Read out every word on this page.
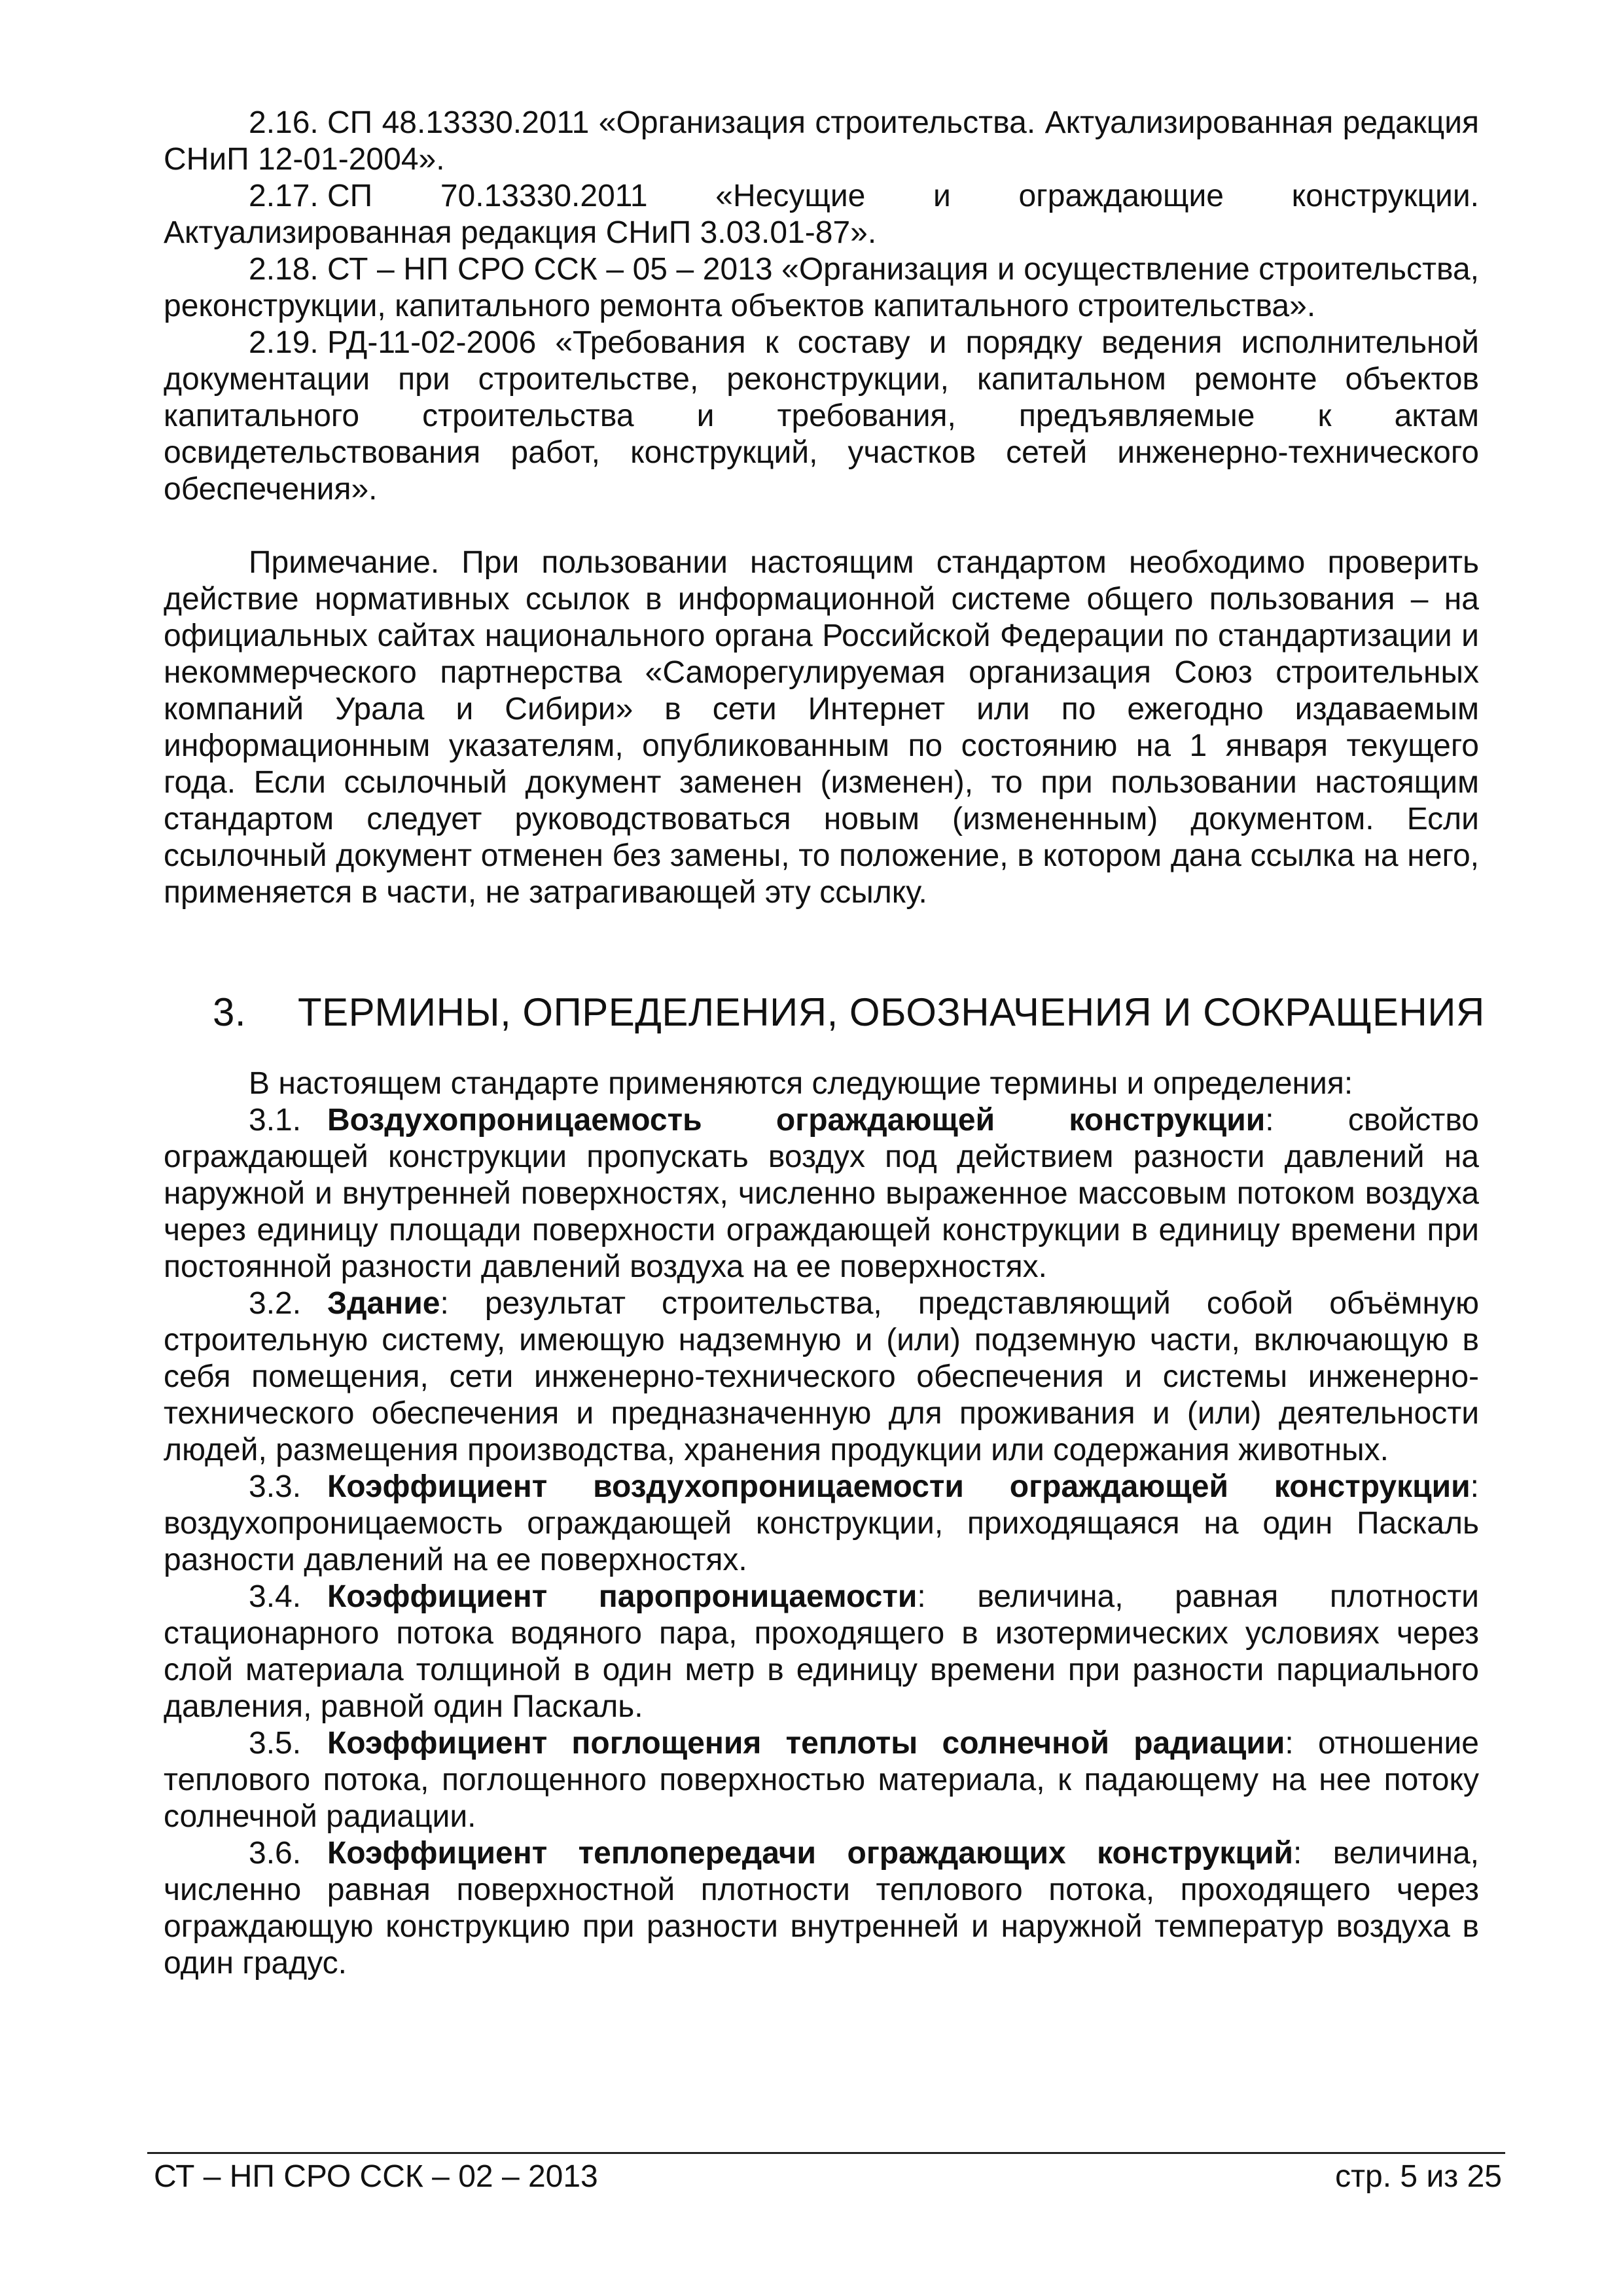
2.16. СП 48.13330.2011 «Организация строительства. Актуализированная редакция СНиП 12-01-2004».

2.17. СП 70.13330.2011 «Несущие и ограждающие конструкции. Актуализированная редакция СНиП 3.03.01-87».

2.18. СТ – НП СРО ССК – 05 – 2013 «Организация и осуществление строительства, реконструкции, капитального ремонта объектов капитального строительства».

2.19. РД-11-02-2006 «Требования к составу и порядку ведения исполнительной документации при строительстве, реконструкции, капитальном ремонте объектов капитального строительства и требования, предъявляемые к актам освидетельствования работ, конструкций, участков сетей инженерно-технического обеспечения».

Примечание. При пользовании настоящим стандартом необходимо проверить действие нормативных ссылок в информационной системе общего пользования – на официальных сайтах национального органа Российской Федерации по стандартизации и некоммерческого партнерства «Саморегулируемая организация Союз строительных компаний Урала и Сибири» в сети Интернет или по ежегодно издаваемым информационным указателям, опубликованным по состоянию на 1 января текущего года. Если ссылочный документ заменен (изменен), то при пользовании настоящим стандартом следует руководствоваться новым (измененным) документом. Если ссылочный документ отменен без замены, то положение, в котором дана ссылка на него, применяется в части, не затрагивающей эту ссылку.

3. ТЕРМИНЫ, ОПРЕДЕЛЕНИЯ, ОБОЗНАЧЕНИЯ И СОКРАЩЕНИЯ

В настоящем стандарте применяются следующие термины и определения:

3.1. Воздухопроницаемость ограждающей конструкции: свойство ограждающей конструкции пропускать воздух под действием разности давлений на наружной и внутренней поверхностях, численно выраженное массовым потоком воздуха через единицу площади поверхности ограждающей конструкции в единицу времени при постоянной разности давлений воздуха на ее поверхностях.

3.2. Здание: результат строительства, представляющий собой объёмную строительную систему, имеющую надземную и (или) подземную части, включающую в себя помещения, сети инженерно-технического обеспечения и системы инженерно-технического обеспечения и предназначенную для проживания и (или) деятельности людей, размещения производства, хранения продукции или содержания животных.

3.3. Коэффициент воздухопроницаемости ограждающей конструкции: воздухопроницаемость ограждающей конструкции, приходящаяся на один Паскаль разности давлений на ее поверхностях.

3.4. Коэффициент паропроницаемости: величина, равная плотности стационарного потока водяного пара, проходящего в изотермических условиях через слой материала толщиной в один метр в единицу времени при разности парциального давления, равной один Паскаль.

3.5. Коэффициент поглощения теплоты солнечной радиации: отношение теплового потока, поглощенного поверхностью материала, к падающему на нее потоку солнечной радиации.

3.6. Коэффициент теплопередачи ограждающих конструкций: величина, численно равная поверхностной плотности теплового потока, проходящего через ограждающую конструкцию при разности внутренней и наружной температур воздуха в один градус.

СТ – НП СРО ССК – 02 – 2013	стр. 5 из 25
